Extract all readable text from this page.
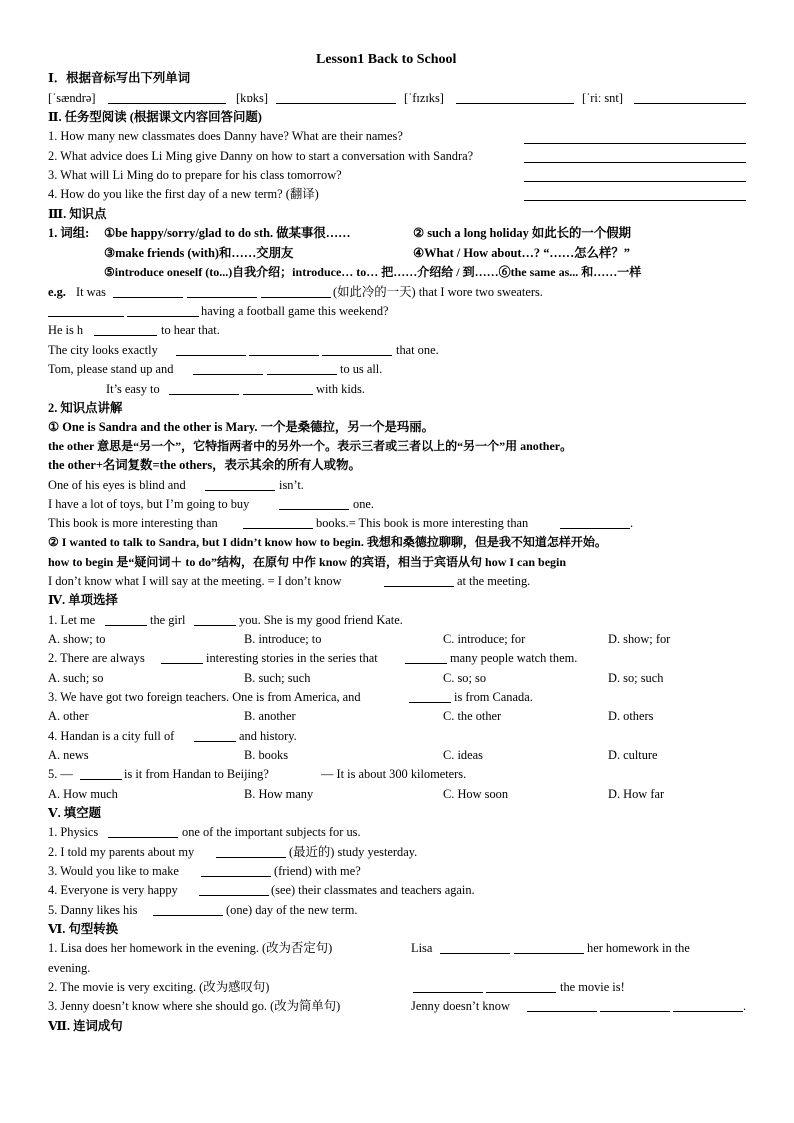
Lesson1 Back to School
Ⅰ．根据音标写出下列单词
[ˈsændrə]	[kɒks]	[ˈfɪzɪks]	[ˈriː snt]
Ⅱ. 任务型阅读 (根据课文内容回答问题)
1. How many new classmates does Danny have? What are their names?
2. What advice does Li Ming give Danny on how to start a conversation with Sandra?
3. What will Li Ming do to prepare for his class tomorrow?
4. How do you like the first day of a new term? (翻译)
Ⅲ. 知识点
1. 词组: ①be happy/sorry/glad to do sth. 做某事很……	② such a long holiday 如此长的一个假期
③make friends (with)和……交朋友	④What / How about…? “……怎么样？”
⑤introduce oneself (to...)自我介绍；introduce… to… 把……介绍给 / 到……⑥the same as... 和……一样
e.g. It was	(如此冷的一天) that I wore two sweaters.
having a football game this weekend?
He is h	to hear that.
The city looks exactly	that one.
Tom, please stand up and	to us all.
It’s easy to	with kids.
2. 知识点讲解
① One is Sandra and the other is Mary. 一个是桑德拉，另一个是玛丽。
the other 意思是“另一个”，它特指两者中的另外一个。表示三者或三者以上的“另一个”用 another。
the other+名词复数=the others，表示其余的所有人或物。
One of his eyes is blind and	isn’t.
I have a lot of toys, but I’m going to buy	one.
This book is more interesting than	books.= This book is more interesting than	.
② I wanted to talk to Sandra, but I didn’t know how to begin. 我想和桑德拉聊聊，但是我不知道怎样开始。
how to begin 是“疑问词＋ to do”结构，在原句 中作 know 的宾语，相当于宾语从句 how I can begin
I don’t know what I will say at the meeting. = I don’t know	at the meeting.
Ⅳ. 单项选择
1. Let me	the girl	you. She is my good friend Kate.
A. show; to	B. introduce; to	C. introduce; for	D. show; for
2. There are always	interesting stories in the series that	many people watch them.
A. such; so	B. such; such	C. so; so	D. so; such
3. We have got two foreign teachers. One is from America, and	is from Canada.
A. other	B. another	C. the other	D. others
4. Handan is a city full of	and history.
A. news	B. books	C. ideas	D. culture
5. —	is it from Handan to Beijing?	— It is about 300 kilometers.
A. How much	B. How many	C. How soon	D. How far
Ⅴ. 填空题
1. Physics	one of the important subjects for us.
2. I told my parents about my	(最近的) study yesterday.
3. Would you like to make	(friend) with me?
4. Everyone is very happy	(see) their classmates and teachers again.
5. Danny likes his	(one) day of the new term.
Ⅵ. 句型转换
1. Lisa does her homework in the evening. (改为否定句)	Lisa	her homework in the
evening.
2. The movie is very exciting. (改为感叹句)	the movie is!
3. Jenny doesn’t know where she should go. (改为简单句)	Jenny doesn’t know	.
Ⅶ. 连词成句
